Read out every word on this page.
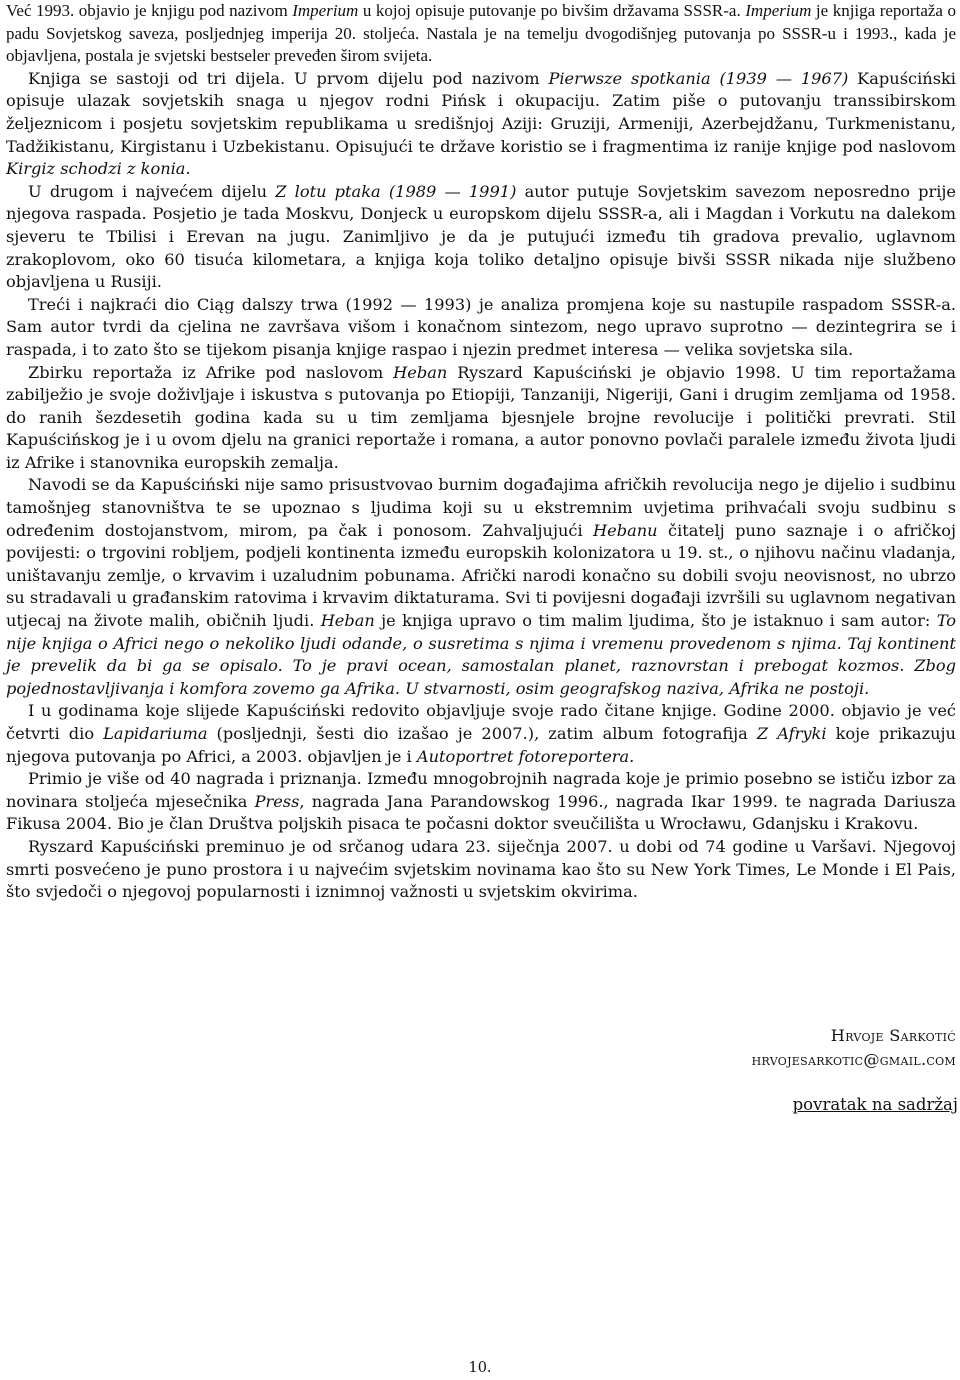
Već 1993. objavio je knjigu pod nazivom Imperium u kojoj opisuje putovanje po bivšim državama SSSR-a. Imperium je knjiga reportaža o padu Sovjetskog saveza, posljednjeg imperija 20. stoljeća. Nastala je na temelju dvogodišnjeg putovanja po SSSR-u i 1993., kada je objavljena, postala je svjetski bestseler preveđen širom svijeta.

Knjiga se sastoji od tri dijela. U prvom dijelu pod nazivom Pierwsze spotkania (1939 — 1967) Kapuściński opisuje ulazak sovjetskih snaga u njegov rodni Pińsk i okupaciju. Zatim piše o putovanju transsibirskom željeznicom i posjetu sovjetskim republikama u središnjoj Aziji: Gruziji, Armeniji, Azerbejdžanu, Turkmenistanu, Tadžikistanu, Kirgistanu i Uzbekistanu. Opisujući te države koristio se i fragmentima iz ranije knjige pod naslovom Kirgiz schodzi z konia.

U drugom i najvećem dijelu Z lotu ptaka (1989 — 1991) autor putuje Sovjetskim savezom neposredno prije njegova raspada. Posjetio je tada Moskvu, Donjeck u europskom dijelu SSSR-a, ali i Magdan i Vorkutu na dalekom sjeveru te Tbilisi i Erevan na jugu. Zanimljivo je da je putujući između tih gradova prevalio, uglavnom zrakoplovom, oko 60 tisuća kilometara, a knjiga koja toliko detaljno opisuje bivši SSSR nikada nije službeno objavljena u Rusiji.

Treći i najkraći dio Ciąg dalszy trwa (1992 — 1993) je analiza promjena koje su nastupile raspadom SSSR-a. Sam autor tvrdi da cjelina ne završava višom i konačnom sintezom, nego upravo suprotno — dezintegrira se i raspada, i to zato što se tijekom pisanja knjige raspao i njezin predmet interesa — velika sovjetska sila.

Zbirku reportaža iz Afrike pod naslovom Heban Ryszard Kapuściński je objavio 1998. U tim reportažama zabilježio je svoje doživljaje i iskustva s putovanja po Etiopiji, Tanzaniji, Nigeriji, Gani i drugim zemljama od 1958. do ranih šezdesetih godina kada su u tim zemljama bjesnjele brojne revolucije i politički prevrati. Stil Kapuścińskog je i u ovom djelu na granici reportaže i romana, a autor ponovno povlači paralele između života ljudi iz Afrike i stanovnika europskih zemalja.

Navodi se da Kapuściński nije samo prisustvovao burnim događajima afričkih revolucija nego je dijelio i sudbinu tamošnjeg stanovništva te se upoznao s ljudima koji su u ekstremnim uvjetima prihvaćali svoju sudbinu s određenim dostojanstvom, mirom, pa čak i ponosom. Zahvaljujući Hebanu čitatelj puno saznaje i o afričkoj povijesti: o trgovini robljem, podjeli kontinenta između europskih kolonizatora u 19. st., o njihovu načinu vladanja, uništavanju zemlje, o krvavim i uzaludnim pobunama. Afrički narodi konačno su dobili svoju neovisnost, no ubrzo su stradavali u građanskim ratovima i krvavim diktaturama. Svi ti povijesni događaji izvršili su uglavnom negativan utjecaj na živote malih, običnih ljudi. Heban je knjiga upravo o tim malim ljudima, što je istaknuo i sam autor: To nije knjiga o Africi nego o nekoliko ljudi odande, o susretima s njima i vremenu provedenom s njima. Taj kontinent je prevelik da bi ga se opisalo. To je pravi ocean, samostalan planet, raznovrstan i prebogat kozmos. Zbog pojednostavljivanja i komfora zovemo ga Afrika. U stvarnosti, osim geografskog naziva, Afrika ne postoji.

I u godinama koje slijede Kapuściński redovito objavljuje svoje rado čitane knjige. Godine 2000. objavio je već četvrti dio Lapidariuma (posljednji, šesti dio izašao je 2007.), zatim album fotografija Z Afryki koje prikazuju njegova putovanja po Africi, a 2003. objavljen je i Autoportret fotoreportera.

Primio je više od 40 nagrada i priznanja. Između mnogobrojnih nagrada koje je primio posebno se ističu izbor za novinara stoljeća mjesečnika Press, nagrada Jana Parandowskog 1996., nagrada Ikar 1999. te nagrada Dariusza Fikusa 2004. Bio je član Društva poljskih pisaca te počasni doktor sveučilišta u Wrocławu, Gdanjsku i Krakovu.

Ryszard Kapuściński preminuo je od srčanog udara 23. siječnja 2007. u dobi od 74 godine u Varšavi. Njegovoj smrti posvećeno je puno prostora i u najvećim svjetskim novinama kao što su New York Times, Le Monde i El Pais, što svjedoči o njegovoj popularnosti i iznimnoj važnosti u svjetskim okvirima.

Hrvoje Sarkotić
hrvojesarkotic@gmail.com
povratak na sadržaj
10.
